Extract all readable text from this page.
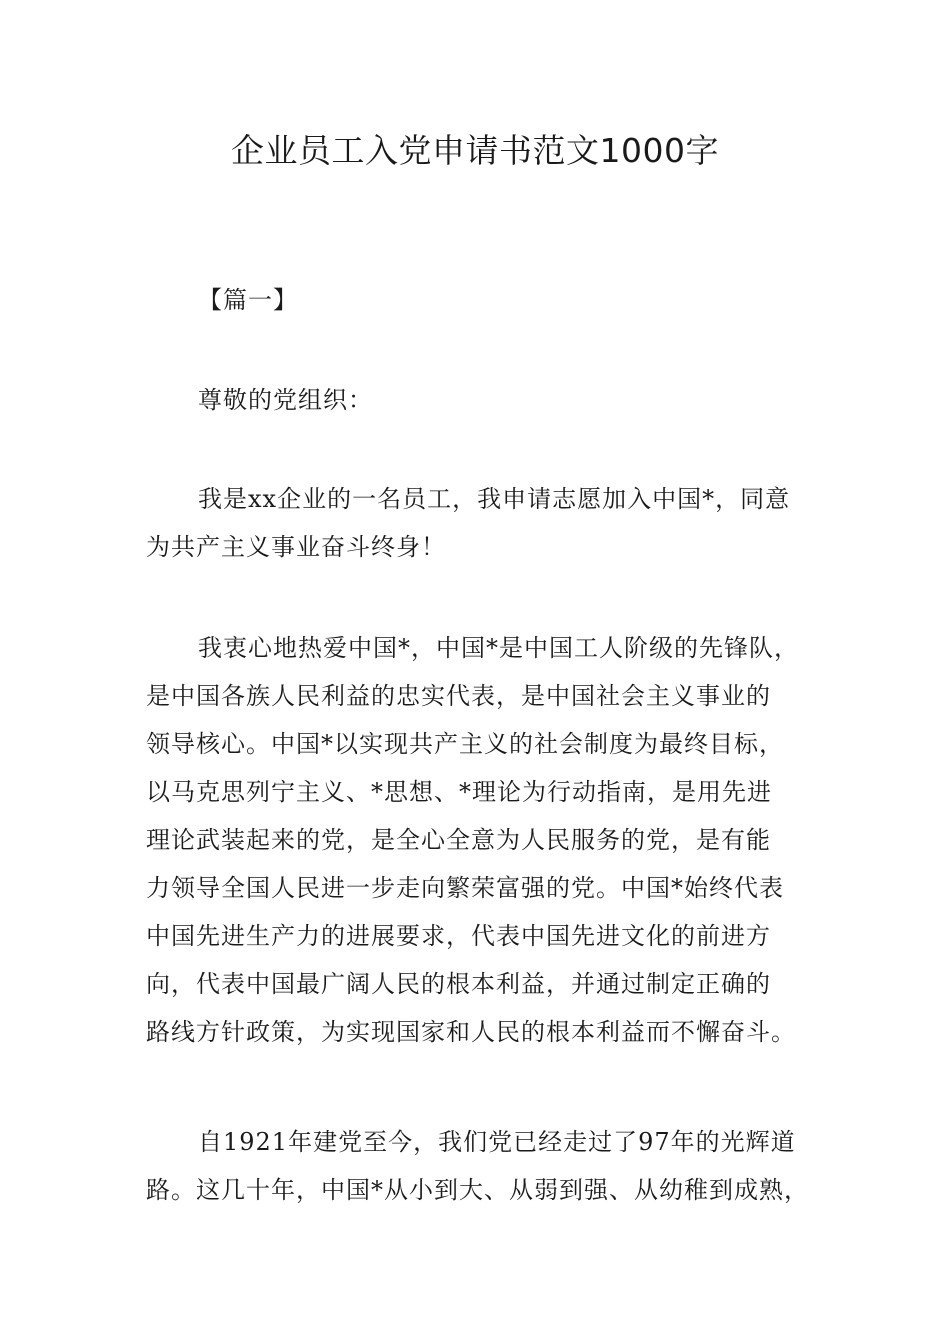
企业员工入党申请书范文1000字
【篇一】
尊敬的党组织：
我是xx企业的一名员工，我申请志愿加入中国*，同意
为共产主义事业奋斗终身！
我衷心地热爱中国*，中国*是中国工人阶级的先锋队，
是中国各族人民利益的忠实代表，是中国社会主义事业的
领导核心。中国*以实现共产主义的社会制度为最终目标，
以马克思列宁主义、*思想、*理论为行动指南，是用先进
理论武装起来的党，是全心全意为人民服务的党，是有能
力领导全国人民进一步走向繁荣富强的党。中国*始终代表
中国先进生产力的进展要求，代表中国先进文化的前进方
向，代表中国最广阔人民的根本利益，并通过制定正确的
路线方针政策，为实现国家和人民的根本利益而不懈奋斗。
自1921年建党至今，我们党已经走过了97年的光辉道
路。这几十年，中国*从小到大、从弱到强、从幼稚到成熟，
